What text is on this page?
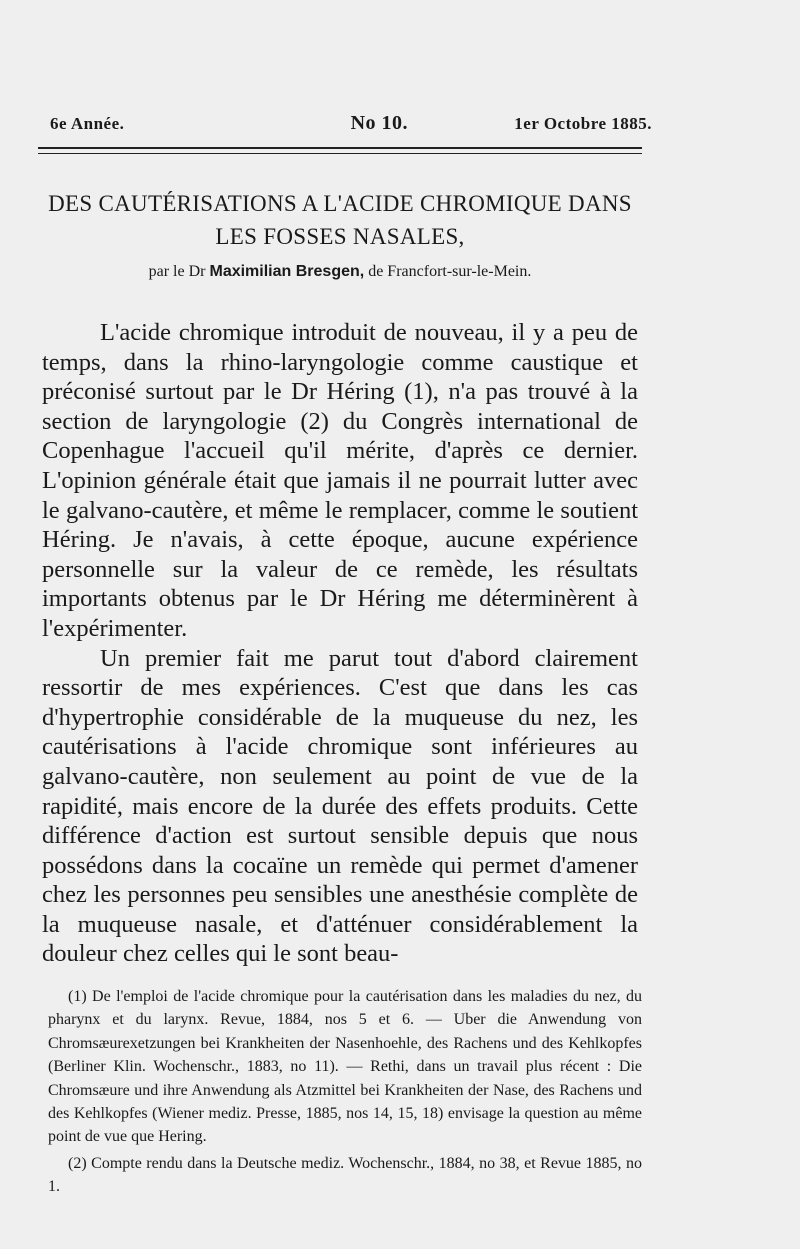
6e Année.	No 10.	1er Octobre 1885.
DES CAUTÉRISATIONS A L'ACIDE CHROMIQUE DANS
LES FOSSES NASALES,
par le Dr Maximilian Bresgen, de Francfort-sur-le-Mein.

L'acide chromique introduit de nouveau, il y a peu de temps, dans la rhino-laryngologie comme caustique et préconisé surtout par le Dr Héring (1), n'a pas trouvé à la section de laryngologie (2) du Congrès international de Copenhague l'accueil qu'il mérite, d'après ce dernier. L'opinion générale était que jamais il ne pourrait lutter avec le galvano-cautère, et même le remplacer, comme le soutient Héring. Je n'avais, à cette époque, aucune expérience personnelle sur la valeur de ce remède, les résultats importants obtenus par le Dr Héring me déterminèrent à l'expérimenter.

Un premier fait me parut tout d'abord clairement ressortir de mes expériences. C'est que dans les cas d'hypertrophie considérable de la muqueuse du nez, les cautérisations à l'acide chromique sont inférieures au galvano-cautère, non seulement au point de vue de la rapidité, mais encore de la durée des effets produits. Cette différence d'action est surtout sensible depuis que nous possédons dans la cocaïne un remède qui permet d'amener chez les personnes peu sensibles une anesthésie complète de la muqueuse nasale, et d'atténuer considérablement la douleur chez celles qui le sont beau-

(1) De l'emploi de l'acide chromique pour la cautérisation dans les maladies du nez, du pharynx et du larynx. Revue, 1884, nos 5 et 6. — Uber die Anwendung von Chromsæurexetzungen bei Krankheiten der Nasenhoehle, des Rachens und des Kehlkopfes (Berliner Klin. Wochenschr., 1883, no 11). — Rethi, dans un travail plus récent : Die Chromsæure und ihre Anwendung als Atzmittel bei Krankheiten der Nase, des Rachens und des Kehlkopfes (Wiener mediz. Presse, 1885, nos 14, 15, 18) envisage la question au même point de vue que Hering.

(2) Compte rendu dans la Deutsche mediz. Wochenschr., 1884, no 38, et Revue 1885, no 1.
